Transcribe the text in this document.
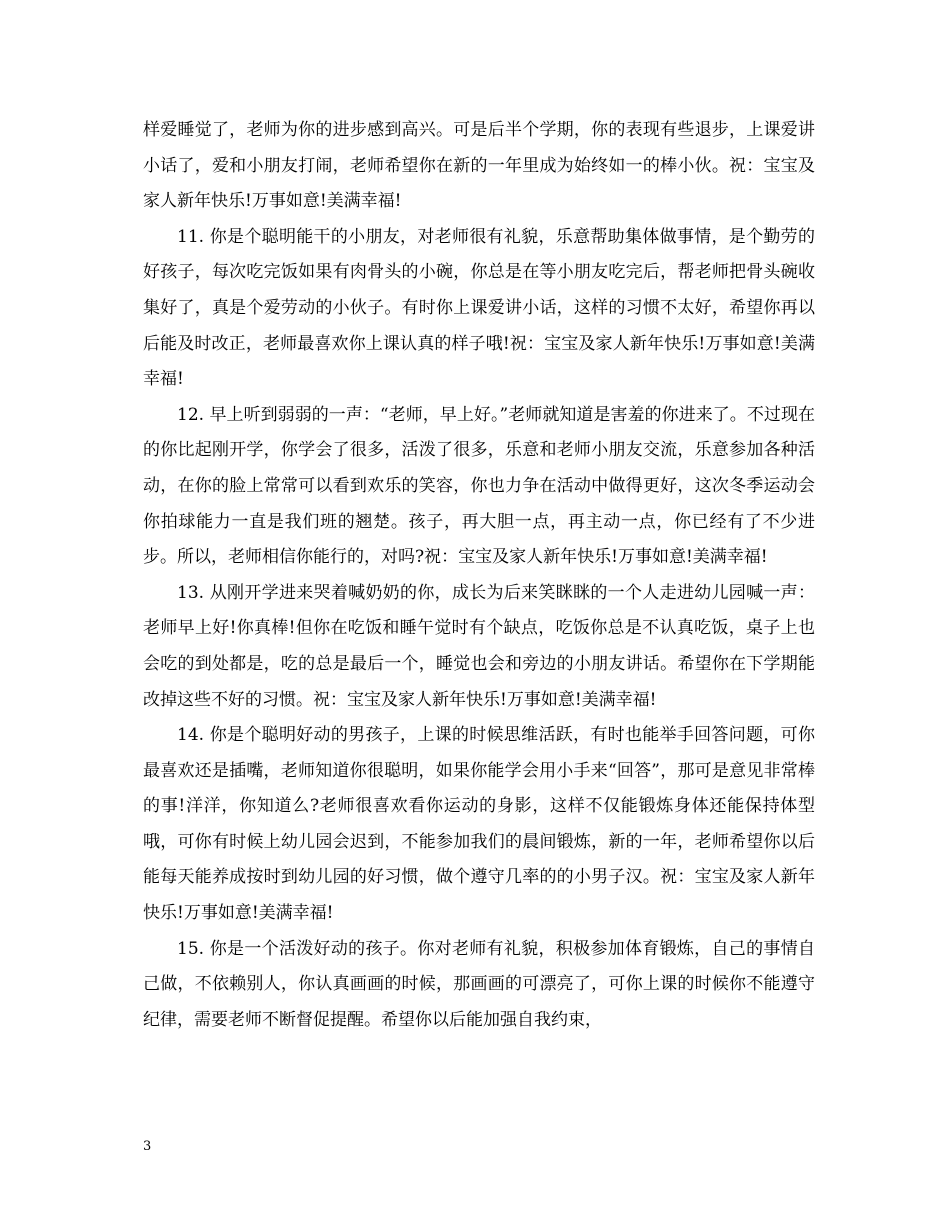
样爱睡觉了，老师为你的进步感到高兴。可是后半个学期，你的表现有些退步，上课爱讲小话了，爱和小朋友打闹，老师希望你在新的一年里成为始终如一的棒小伙。祝：宝宝及家人新年快乐!万事如意!美满幸福!

11. 你是个聪明能干的小朋友，对老师很有礼貌，乐意帮助集体做事情，是个勤劳的好孩子，每次吃完饭如果有肉骨头的小碗，你总是在等小朋友吃完后，帮老师把骨头碗收集好了，真是个爱劳动的小伙子。有时你上课爱讲小话，这样的习惯不太好，希望你再以后能及时改正，老师最喜欢你上课认真的样子哦!祝：宝宝及家人新年快乐!万事如意!美满幸福!

12. 早上听到弱弱的一声：“老师，早上好。”老师就知道是害羞的你进来了。不过现在的你比起刚开学，你学会了很多，活泼了很多，乐意和老师小朋友交流，乐意参加各种活动，在你的脸上常常可以看到欢乐的笑容，你也力争在活动中做得更好，这次冬季运动会你拍球能力一直是我们班的翘楚。孩子，再大胆一点，再主动一点，你已经有了不少进步。所以，老师相信你能行的，对吗?祝：宝宝及家人新年快乐!万事如意!美满幸福!

13. 从刚开学进来哭着喊奶奶的你，成长为后来笑眯眯的一个人走进幼儿园喊一声：老师早上好!你真棒!但你在吃饭和睡午觉时有个缺点，吃饭你总是不认真吃饭，桌子上也会吃的到处都是，吃的总是最后一个，睡觉也会和旁边的小朋友讲话。希望你在下学期能改掉这些不好的习惯。祝：宝宝及家人新年快乐!万事如意!美满幸福!

14. 你是个聪明好动的男孩子，上课的时候思维活跃，有时也能举手回答问题，可你最喜欢还是插嘴，老师知道你很聪明，如果你能学会用小手来“回答”，那可是意见非常棒的事!洋洋，你知道么?老师很喜欢看你运动的身影，这样不仅能锻炼身体还能保持体型哦，可你有时候上幼儿园会迟到，不能参加我们的晨间锻炼，新的一年，老师希望你以后能每天能养成按时到幼儿园的好习惯，做个遵守几率的的小男子汉。祝：宝宝及家人新年快乐!万事如意!美满幸福!

15. 你是一个活泼好动的孩子。你对老师有礼貌，积极参加体育锻炼，自己的事情自己做，不依赖别人，你认真画画的时候，那画画的可漂亮了，可你上课的时候你不能遵守纪律，需要老师不断督促提醒。希望你以后能加强自我约束，

3
